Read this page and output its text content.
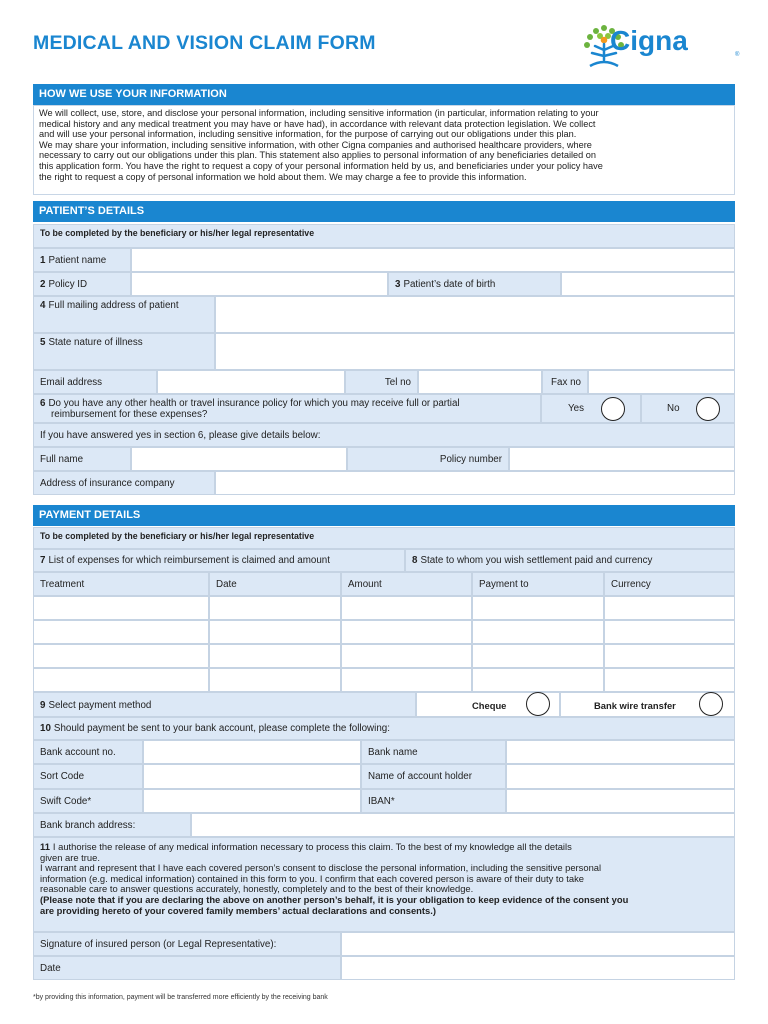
MEDICAL AND VISION CLAIM FORM	Cigna	®
HOW WE USE YOUR INFORMATION
We will collect, use, store, and disclose your personal information, including sensitive information (in particular, information relating to your
medical history and any medical treatment you may have or have had), in accordance with relevant data protection legislation. We collect
and will use your personal information, including sensitive information, for the purpose of carrying out our obligations under this plan.
We may share your information, including sensitive information, with other Cigna companies and authorised healthcare providers, where
necessary to carry out our obligations under this plan. This statement also applies to personal information of any beneficiaries detailed on
this application form. You have the right to request a copy of your personal information held by us, and beneficiaries under your policy have
the right to request a copy of personal information we hold about them. We may charge a fee to provide this information.
PATIENT’S DETAILS
To be completed by the beneficiary or his/her legal representative
1 Patient name
2 Policy ID	3 Patient’s date of birth
4 Full mailing address of patient
5 State nature of illness
Email address	Tel no	Fax no
6 Do you have any other health or travel insurance policy for which you may receive full or partial
reimbursement for these expenses?
Yes	No
If you have answered yes in section 6, please give details below:
Full name	Policy number
Address of insurance company
PAYMENT DETAILS
To be completed by the beneficiary or his/her legal representative
7 List of expenses for which reimbursement is claimed and amount	8 State to whom you wish settlement paid and currency
Treatment	Date	Amount	Payment to	Currency
9 Select payment method	Cheque	Bank wire transfer
10 Should payment be sent to your bank account, please complete the following:
Bank account no.	Bank name
Sort Code	Name of account holder
Swift Code*	IBAN*
Bank branch address:
11 I authorise the release of any medical information necessary to process this claim. To the best of my knowledge all the details
given are true.
I warrant and represent that I have each covered person’s consent to disclose the personal information, including the sensitive personal
information (e.g. medical information) contained in this form to you. I confirm that each covered person is aware of their duty to take
reasonable care to answer questions accurately, honestly, completely and to the best of their knowledge.
(Please note that if you are declaring the above on another person’s behalf, it is your obligation to keep evidence of the consent you
are providing hereto of your covered family members’ actual declarations and consents.)
Signature of insured person (or Legal Representative):
Date
*by providing this information, payment will be transferred more efficiently by the receiving bank
